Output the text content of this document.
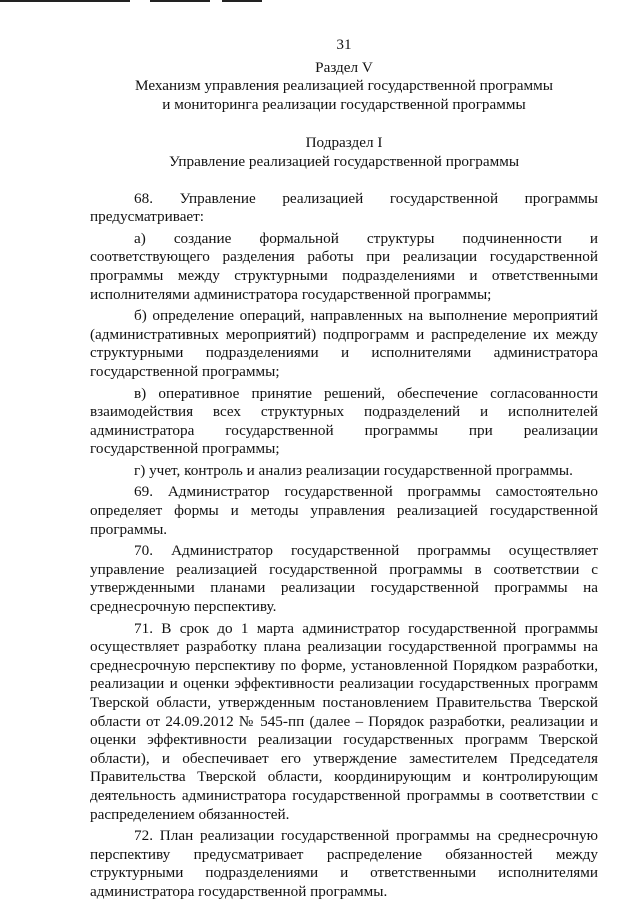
31
Раздел V
Механизм управления реализацией государственной программы
и мониторинга реализации государственной программы
Подраздел I
Управление реализацией государственной программы

68. Управление реализацией государственной программы предусматривает:

а) создание формальной структуры подчиненности и соответствующего разделения работы при реализации государственной программы между структурными подразделениями и ответственными исполнителями администратора государственной программы;

б) определение операций, направленных на выполнение мероприятий (административных мероприятий) подпрограмм и распределение их между структурными подразделениями и исполнителями администратора государственной программы;

в) оперативное принятие решений, обеспечение согласованности взаимодействия всех структурных подразделений и исполнителей администратора государственной программы при реализации государственной программы;

г) учет, контроль и анализ реализации государственной программы.

69. Администратор государственной программы самостоятельно определяет формы и методы управления реализацией государственной программы.

70. Администратор государственной программы осуществляет управление реализацией государственной программы в соответствии с утвержденными планами реализации государственной программы на среднесрочную перспективу.

71. В срок до 1 марта администратор государственной программы осуществляет разработку плана реализации государственной программы на среднесрочную перспективу по форме, установленной Порядком разработки, реализации и оценки эффективности реализации государственных программ Тверской области, утвержденным постановлением Правительства Тверской области от 24.09.2012 № 545-пп (далее – Порядок разработки, реализации и оценки эффективности реализации государственных программ Тверской области), и обеспечивает его утверждение заместителем Председателя Правительства Тверской области, координирующим и контролирующим деятельность администратора государственной программы в соответствии с распределением обязанностей.

72. План реализации государственной программы на среднесрочную перспективу предусматривает распределение обязанностей между структурными подразделениями и ответственными исполнителями администратора государственной программы.
